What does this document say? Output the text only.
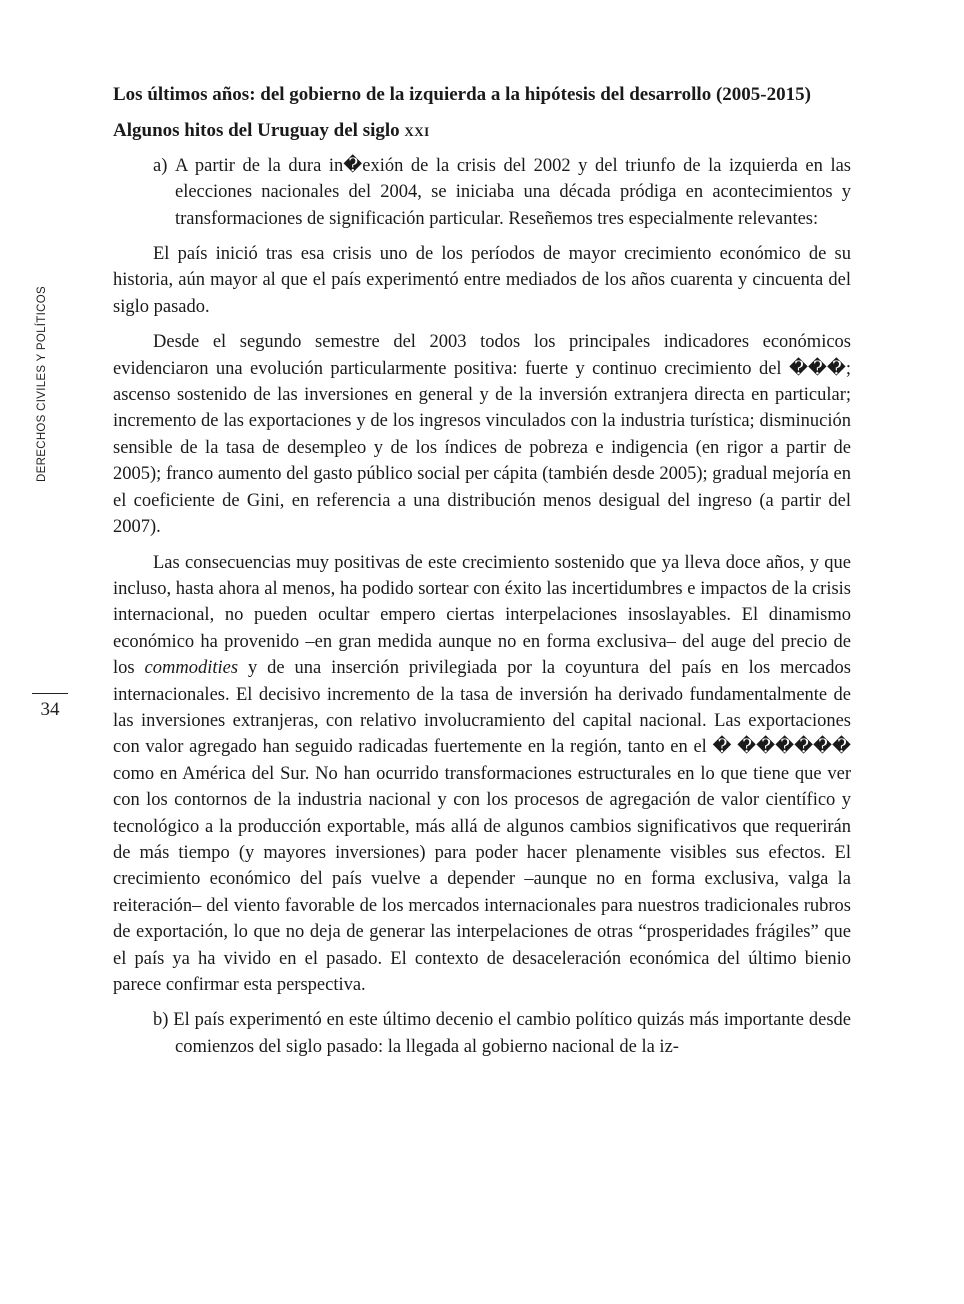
DERECHOS CIVILES Y POLÍTICOS
34
Los últimos años: del gobierno de la izquierda a la hipótesis del desarrollo (2005-2015)
Algunos hitos del Uruguay del siglo xxi

a) A partir de la dura in�exión de la crisis del 2002 y del triunfo de la izquierda en las elecciones nacionales del 2004, se iniciaba una década pródiga en acontecimientos y transformaciones de significación particular. Reseñemos tres especialmente relevantes:

El país inició tras esa crisis uno de los períodos de mayor crecimiento económico de su historia, aún mayor al que el país experimentó entre mediados de los años cuarenta y cincuenta del siglo pasado.

Desde el segundo semestre del 2003 todos los principales indicadores económicos evidenciaron una evolución particularmente positiva: fuerte y continuo crecimiento del ���; ascenso sostenido de las inversiones en general y de la inversión extranjera directa en particular; incremento de las exportaciones y de los ingresos vinculados con la industria turística; disminución sensible de la tasa de desempleo y de los índices de pobreza e indigencia (en rigor a partir de 2005); franco aumento del gasto público social per cápita (también desde 2005); gradual mejoría en el coeficiente de Gini, en referencia a una distribución menos desigual del ingreso (a partir del 2007).

Las consecuencias muy positivas de este crecimiento sostenido que ya lleva doce años, y que incluso, hasta ahora al menos, ha podido sortear con éxito las incertidumbres e impactos de la crisis internacional, no pueden ocultar empero ciertas interpelaciones insoslayables. El dinamismo económico ha provenido –en gran medida aunque no en forma exclusiva– del auge del precio de los commodities y de una inserción privilegiada por la coyuntura del país en los mercados internacionales. El decisivo incremento de la tasa de inversión ha derivado fundamentalmente de las inversiones extranjeras, con relativo involucramiento del capital nacional. Las exportaciones con valor agregado han seguido radicadas fuertemente en la región, tanto en el � ������ como en América del Sur. No han ocurrido transformaciones estructurales en lo que tiene que ver con los contornos de la industria nacional y con los procesos de agregación de valor científico y tecnológico a la producción exportable, más allá de algunos cambios significativos que requerirán de más tiempo (y mayores inversiones) para poder hacer plenamente visibles sus efectos. El crecimiento económico del país vuelve a depender –aunque no en forma exclusiva, valga la reiteración– del viento favorable de los mercados internacionales para nuestros tradicionales rubros de exportación, lo que no deja de generar las interpelaciones de otras “prosperidades frágiles” que el país ya ha vivido en el pasado. El contexto de desaceleración económica del último bienio parece confirmar esta perspectiva.

b) El país experimentó en este último decenio el cambio político quizás más importante desde comienzos del siglo pasado: la llegada al gobierno nacional de la iz-
